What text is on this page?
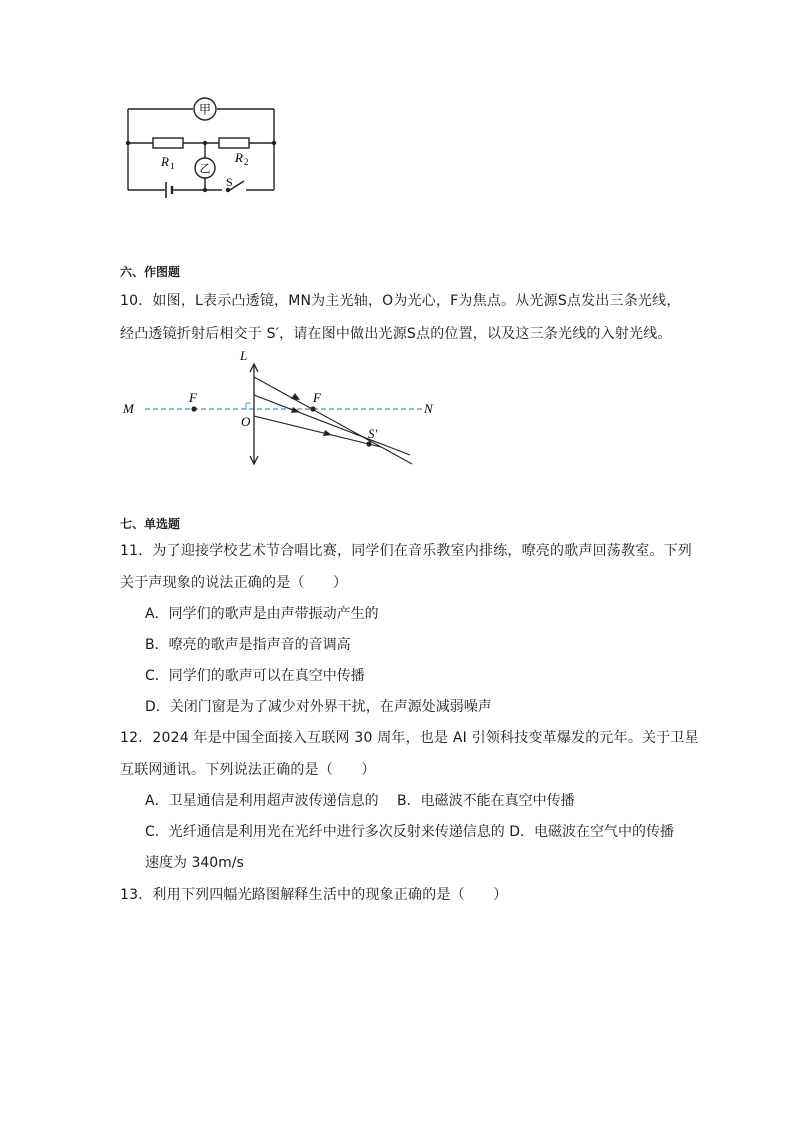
甲
乙
R 1
R 2
S
六、作图题
10．如图，L表示凸透镜，MN为主光轴，O为光心，F为焦点。从光源S点发出三条光线，
经凸透镜折射后相交于 S′，请在图中做出光源S点的位置，以及这三条光线的入射光线。
L
M	N
O
F	F
S′
七、单选题
11．为了迎接学校艺术节合唱比赛，同学们在音乐教室内排练，嘹亮的歌声回荡教室。下列
关于声现象的说法正确的是（　　）
A．同学们的歌声是由声带振动产生的
B．嘹亮的歌声是指声音的音调高
C．同学们的歌声可以在真空中传播
D．关闭门窗是为了减少对外界干扰，在声源处减弱噪声
12．2024 年是中国全面接入互联网 30 周年，也是 AI 引领科技变革爆发的元年。关于卫星
互联网通讯。下列说法正确的是（　　）
A．卫星通信是利用超声波传递信息的 B．电磁波不能在真空中传播
C．光纤通信是利用光在光纤中进行多次反射来传递信息的 D．电磁波在空气中的传播
速度为 340m/s
13．利用下列四幅光路图解释生活中的现象正确的是（　　）
